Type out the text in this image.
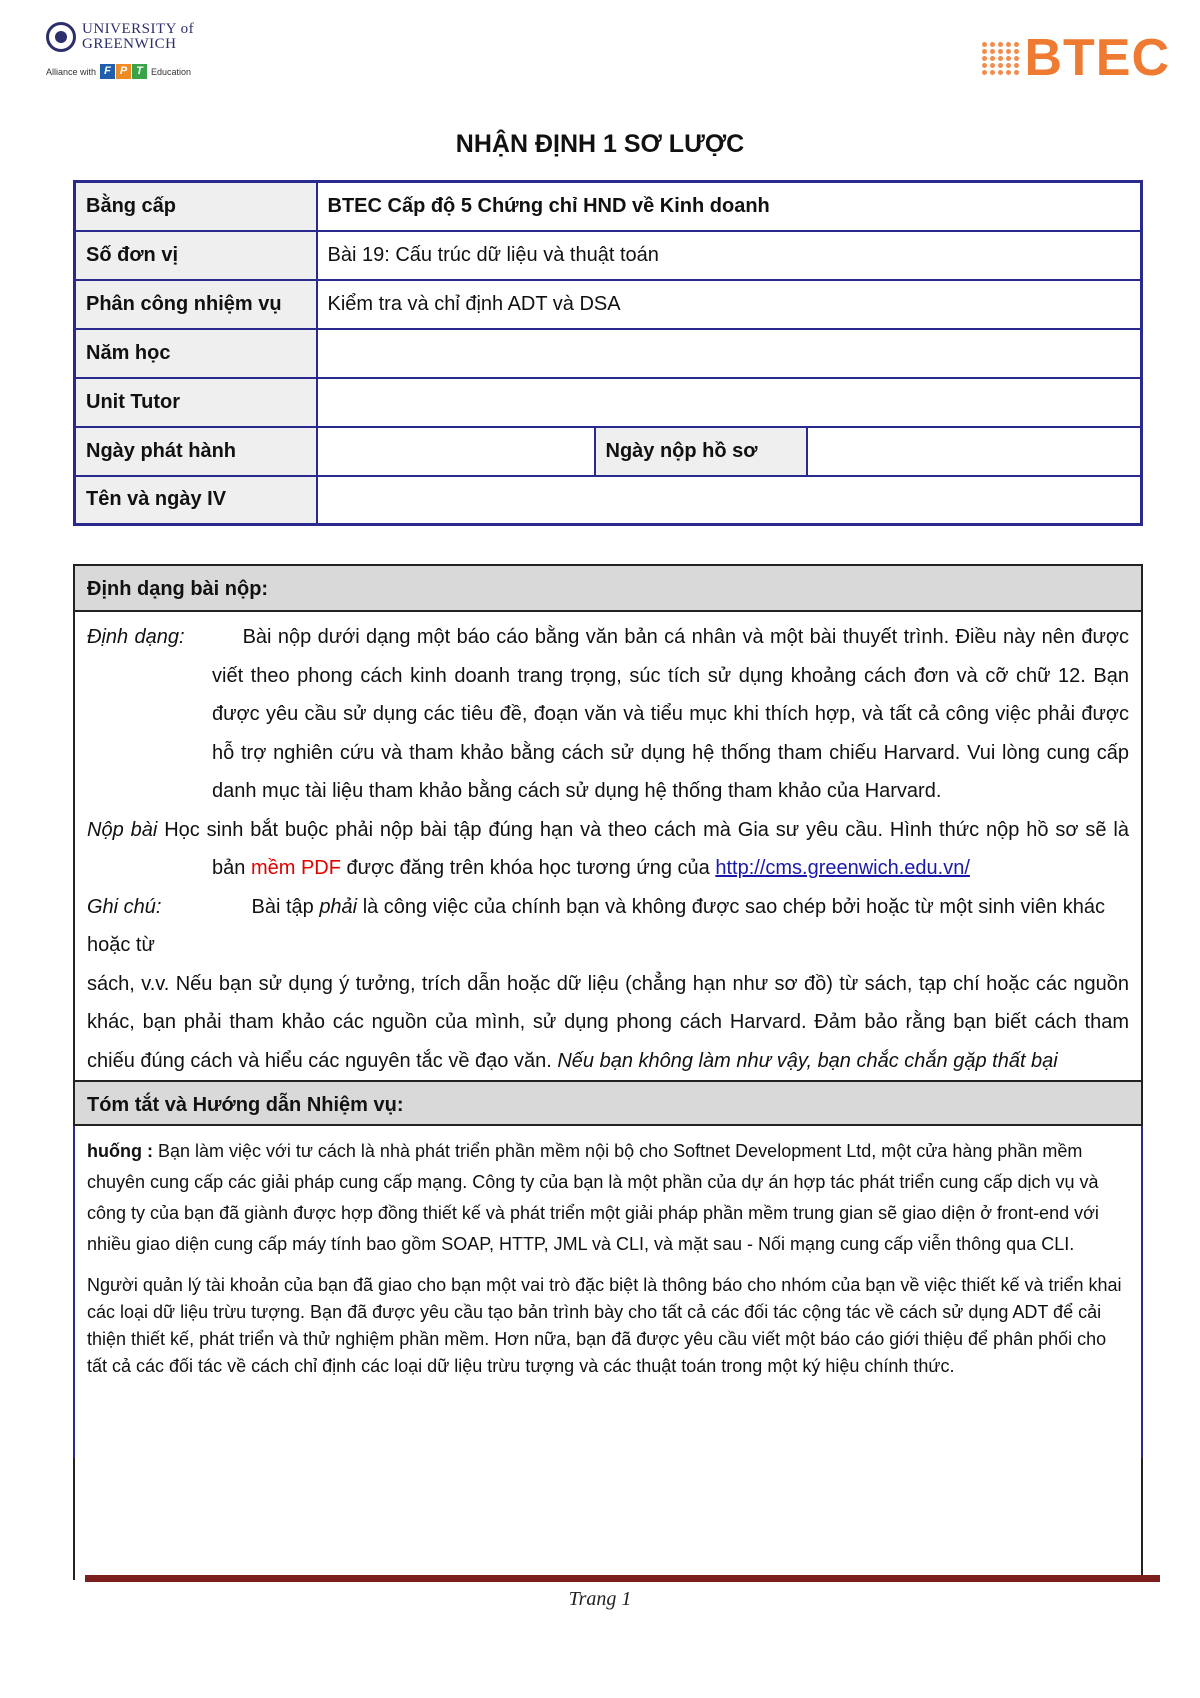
UNIVERSITY of
GREENWICH
Alliance with F P T Education	BTEC
NHẬN ĐỊNH 1 SƠ LƯỢC
Bằng cấp	BTEC Cấp độ 5 Chứng chỉ HND về Kinh doanh		
Số đơn vị	Bài 19: Cấu trúc dữ liệu và thuật toán		
Phân công nhiệm vụ	Kiểm tra và chỉ định ADT và DSA		
Năm học			
Unit Tutor			
Ngày phát hành		Ngày nộp hồ sơ	
Tên và ngày IV			
Định dạng bài nộp:
Định dạng:	Bài nộp dưới dạng một báo cáo bằng văn bản cá nhân và một bài thuyết trình. Điều này nên được viết theo phong cách kinh doanh trang trọng, súc tích sử dụng khoảng cách đơn và cỡ chữ 12. Bạn được yêu cầu sử dụng các tiêu đề, đoạn văn và tiểu mục khi thích hợp, và tất cả công việc phải được hỗ trợ nghiên cứu và tham khảo bằng cách sử dụng hệ thống tham chiếu Harvard. Vui lòng cung cấp danh mục tài liệu tham khảo bằng cách sử dụng hệ thống tham khảo của Harvard.
Nộp bài Học sinh bắt buộc phải nộp bài tập đúng hạn và theo cách mà Gia sư yêu cầu. Hình thức nộp hồ sơ sẽ là bản mềm PDF được đăng trên khóa học tương ứng của http://cms.greenwich.edu.vn/
Ghi chú:	Bài tập phải là công việc của chính bạn và không được sao chép bởi hoặc từ một sinh viên khác hoặc từ
sách, v.v. Nếu bạn sử dụng ý tưởng, trích dẫn hoặc dữ liệu (chẳng hạn như sơ đồ) từ sách, tạp chí hoặc các nguồn khác, bạn phải tham khảo các nguồn của mình, sử dụng phong cách Harvard. Đảm bảo rằng bạn biết cách tham chiếu đúng cách và hiểu các nguyên tắc về đạo văn. Nếu bạn không làm như vậy, bạn chắc chắn gặp thất bại
Tóm tắt và Hướng dẫn Nhiệm vụ:

huống : Bạn làm việc với tư cách là nhà phát triển phần mềm nội bộ cho Softnet Development Ltd, một cửa hàng phần mềm chuyên cung cấp các giải pháp cung cấp mạng. Công ty của bạn là một phần của dự án hợp tác phát triển cung cấp dịch vụ và công ty của bạn đã giành được hợp đồng thiết kế và phát triển một giải pháp phần mềm trung gian sẽ giao diện ở front-end với nhiều giao diện cung cấp máy tính bao gồm SOAP, HTTP, JML và CLI, và mặt sau - Nối mạng cung cấp viễn thông qua CLI.

Người quản lý tài khoản của bạn đã giao cho bạn một vai trò đặc biệt là thông báo cho nhóm của bạn về việc thiết kế và triển khai các loại dữ liệu trừu tượng. Bạn đã được yêu cầu tạo bản trình bày cho tất cả các đối tác cộng tác về cách sử dụng ADT để cải thiện thiết kế, phát triển và thử nghiệm phần mềm. Hơn nữa, bạn đã được yêu cầu viết một báo cáo giới thiệu để phân phối cho tất cả các đối tác về cách chỉ định các loại dữ liệu trừu tượng và các thuật toán trong một ký hiệu chính thức.

Trang 1
